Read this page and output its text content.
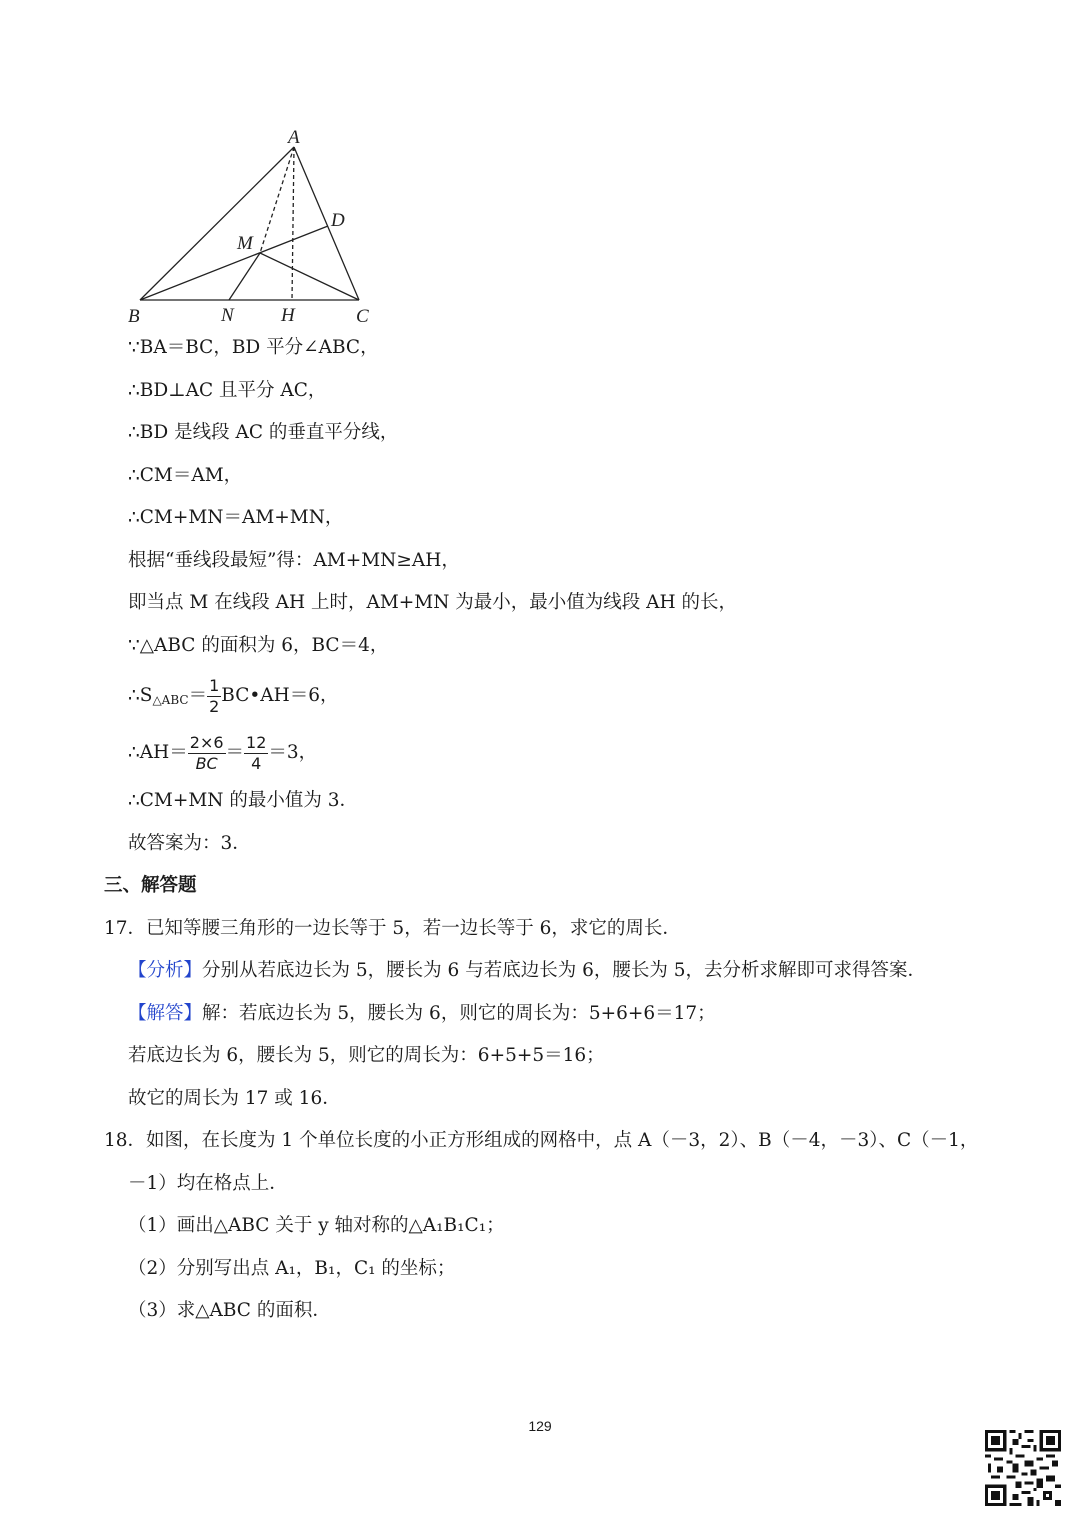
A
D
M
B	N H	C
∵BA＝BC，BD 平分∠ABC，
∴BD⊥AC 且平分 AC，
∴BD 是线段 AC 的垂直平分线，
∴CM＝AM，
∴CM+MN＝AM+MN，
根据“垂线段最短”得：AM+MN≥AH，
即当点 M 在线段 AH 上时，AM+MN 为最小，最小值为线段 AH 的长，
∵△ABC 的面积为 6，BC＝4，
$\therefore S_{\triangle ABC}= \frac{1}{2}$ BC•AH＝6，
∴AH＝ $\frac{2\times 6}{BC} = \frac{12}{4} =3$，
∴CM+MN 的最小值为 3．
故答案为：3．
三、解答题
17．已知等腰三角形的一边长等于 5，若一边长等于 6，求它的周长．
【分析】分别从若底边长为 5，腰长为 6 与若底边长为 6，腰长为 5，去分析求解即可求得答案．
【解答】解：若底边长为 5，腰长为 6，则它的周长为：5+6+6＝17；
若底边长为 6，腰长为 5，则它的周长为：6+5+5＝16；
故它的周长为 17 或 16．
18．如图，在长度为 1 个单位长度的小正方形组成的网格中，点 A（－3，2）、B（－4，－3）、C（－1，
－1）均在格点上．
（1）画出△ABC 关于 y 轴对称的△A₁B₁C₁；
（2）分别写出点 A₁，B₁，C₁ 的坐标；
（3）求△ABC 的面积．
129
